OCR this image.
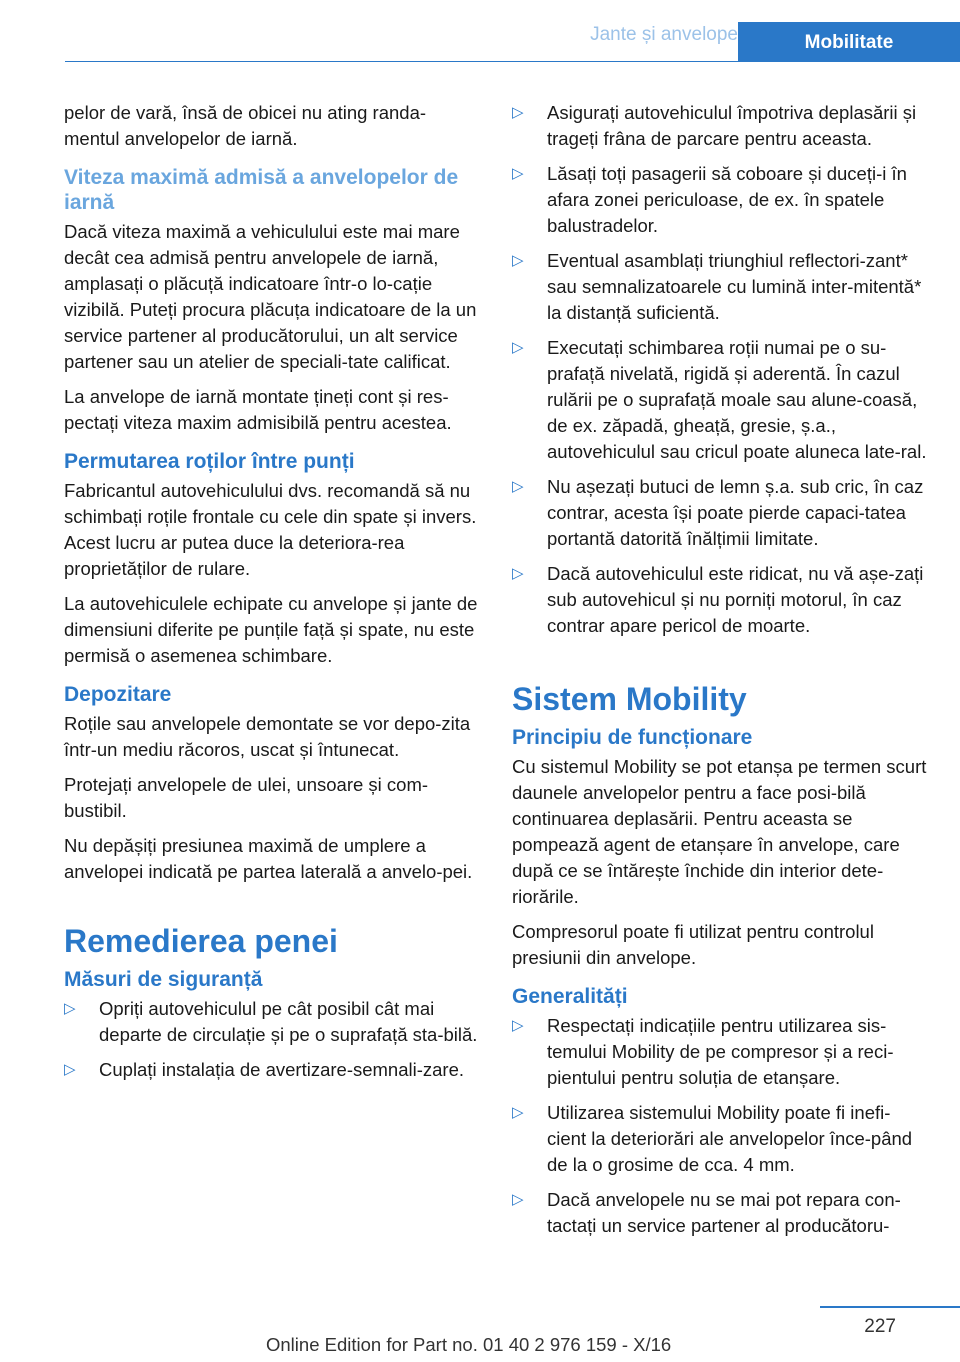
Jante și anvelope	Mobilitate

pelor de vară, însă de obicei nu ating randa-mentul anvelopelor de iarnă.

Viteza maximă admisă a anvelopelor de iarnă

Dacă viteza maximă a vehiculului este mai mare decât cea admisă pentru anvelopele de iarnă, amplasați o plăcuță indicatoare într-o lo-cație vizibilă. Puteți procura plăcuța indicatoare de la un service partener al producătorului, un alt service partener sau un atelier de speciali-tate calificat.

La anvelope de iarnă montate țineți cont și res-pectați viteza maxim admisibilă pentru acestea.

Permutarea roților între punți

Fabricantul autovehiculului dvs. recomandă să nu schimbați roțile frontale cu cele din spate și invers. Acest lucru ar putea duce la deteriora-rea proprietăților de rulare.

La autovehiculele echipate cu anvelope și jante de dimensiuni diferite pe punțile față și spate, nu este permisă o asemenea schimbare.

Depozitare

Roțile sau anvelopele demontate se vor depo-zita într-un mediu răcoros, uscat și întunecat.

Protejați anvelopele de ulei, unsoare și com-bustibil.

Nu depășiți presiunea maximă de umplere a anvelopei indicată pe partea laterală a anvelo-pei.

Remedierea penei
Măsuri de siguranță
▷ Opriți autovehiculul pe cât posibil cât mai departe de circulație și pe o suprafață sta-bilă.
▷ Cuplați instalația de avertizare-semnali-zare.
▷ Asigurați autovehiculul împotriva deplasării și trageți frâna de parcare pentru aceasta.
▷ Lăsați toți pasagerii să coboare și duceți-i în afara zonei periculoase, de ex. în spatele balustradelor.
▷ Eventual asamblați triunghiul reflectori-zant* sau semnalizatoarele cu lumină inter-mitentă* la distanță suficientă.
▷ Executați schimbarea roții numai pe o su-prafață nivelată, rigidă și aderentă. În cazul rulării pe o suprafață moale sau alune-coasă, de ex. zăpadă, gheață, gresie, ș.a., autovehiculul sau cricul poate aluneca late-ral.
▷ Nu așezați butuci de lemn ș.a. sub cric, în caz contrar, acesta își poate pierde capaci-tatea portantă datorită înălțimii limitate.
▷ Dacă autovehiculul este ridicat, nu vă așe-zați sub autovehicul și nu porniți motorul, în caz contrar apare pericol de moarte.
Sistem Mobility
Principiu de funcționare

Cu sistemul Mobility se pot etanșa pe termen scurt daunele anvelopelor pentru a face posi-bilă continuarea deplasării. Pentru aceasta se pompează agent de etanșare în anvelope, care după ce se întărește închide din interior dete-riorările.

Compresorul poate fi utilizat pentru controlul presiunii din anvelope.

Generalități
▷ Respectați indicațiile pentru utilizarea sis-temului Mobility de pe compresor și a reci-pientului pentru soluția de etanșare.
▷ Utilizarea sistemului Mobility poate fi inefi-cient la deteriorări ale anvelopelor înce-pând de la o grosime de cca. 4 mm.
▷ Dacă anvelopele nu se mai pot repara con-tactați un service partener al producătoru-
227
Online Edition for Part no. 01 40 2 976 159 - X/16
